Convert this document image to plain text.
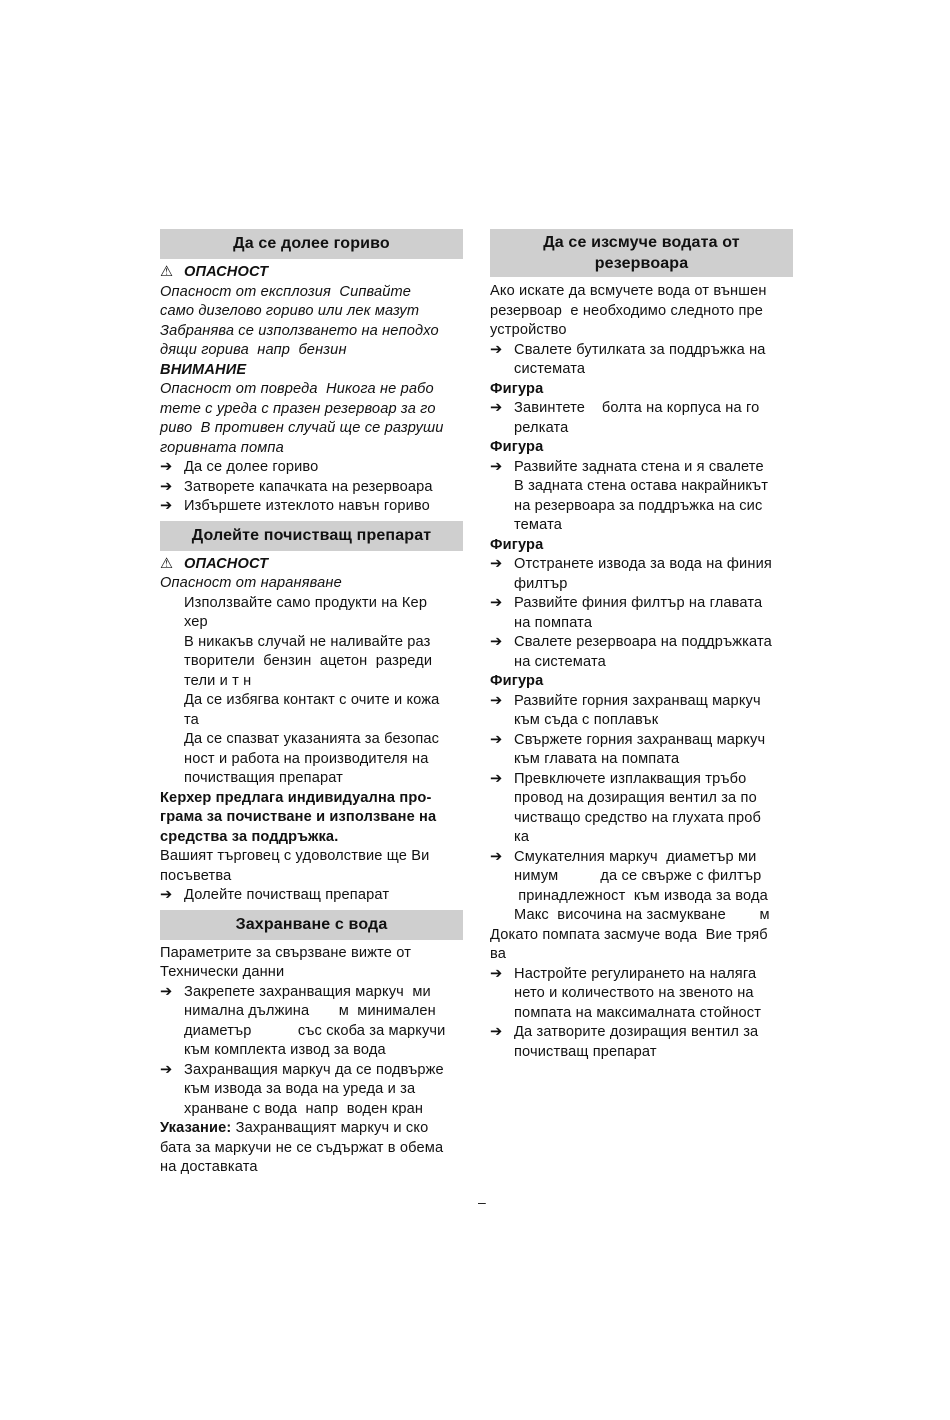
Да се долее гориво
⚠ ОПАСНОСТ
Опасност от експлозия  Сипвайте
само дизелово гориво или лек мазут
Забранява се използването на неподхо
дящи горива  напр  бензин
ВНИМАНИЕ
Опасност от повреда  Никога не рабо
тете с уреда с празен резервоар за го
риво  В противен случай ще се разруши
горивната помпа
➔ Да се долее гориво
➔ Затворете капачката на резервоара
➔ Избършете изтеклото навън гориво
Долейте почистващ препарат
⚠ ОПАСНОСТ
Опасност от нараняване
Използвайте само продукти на Кер
хер
В никакъв случай не наливайте раз
творители  бензин  ацетон  разреди
тели и т н
Да се избягва контакт с очите и кожа
та
Да се спазват указанията за безопас
ност и работа на производителя на
почистващия препарат
Керхер предлага индивидуална про-
грама за почистване и използване на
средства за поддръжка.
Вашият търговец с удоволствие ще Ви
посъветва
➔ Долейте почистващ препарат
Захранване с вода
Параметрите за свързване вижте от
Технически данни
➔ Закрепете захранващия маркуч  ми
нимална дължина       м  минимален
диаметър           със скоба за маркучи
към комплекта извод за вода
➔ Захранващия маркуч да се подвърже
към извода за вода на уреда и за
хранване с вода  напр  воден кран
Указание: Захранващият маркуч и ско
бата за маркучи не се съдържат в обема
на доставката
Да се изсмуче водата от
резервоара
Ако искате да всмучете вода от външен
резервоар  е необходимо следното пре
устройство
➔ Свалете бутилката за поддръжка на
системата
Фигура
➔ Завинтете    болта на корпуса на го
релката
Фигура
➔ Развийте задната стена и я свалете
В задната стена остава накрайникът
на резервоара за поддръжка на сис
темата
Фигура
➔ Отстранете извода за вода на финия
филтър
➔ Развийте финия филтър на главата
на помпата
➔ Свалете резервоара на поддръжката
на системата
Фигура
➔ Развийте горния захранващ маркуч
към съда с поплавък
➔ Свържете горния захранващ маркуч
към главата на помпата
➔ Превключете изплакващия тръбо
провод на дозиращия вентил за по
чистващо средство на глухата проб
ка
➔ Смукателния маркуч  диаметър ми
нимум          да се свърже с филтър
принадлежност  към извода за вода
Макс  височина на засмукване        м
Докато помпата засмуче вода  Вие тряб
ва
➔ Настройте регулирането на наляга
нето и количеството на звеното на
помпата на максималната стойност
➔ Да затворите дозиращия вентил за
почистващ препарат
–
